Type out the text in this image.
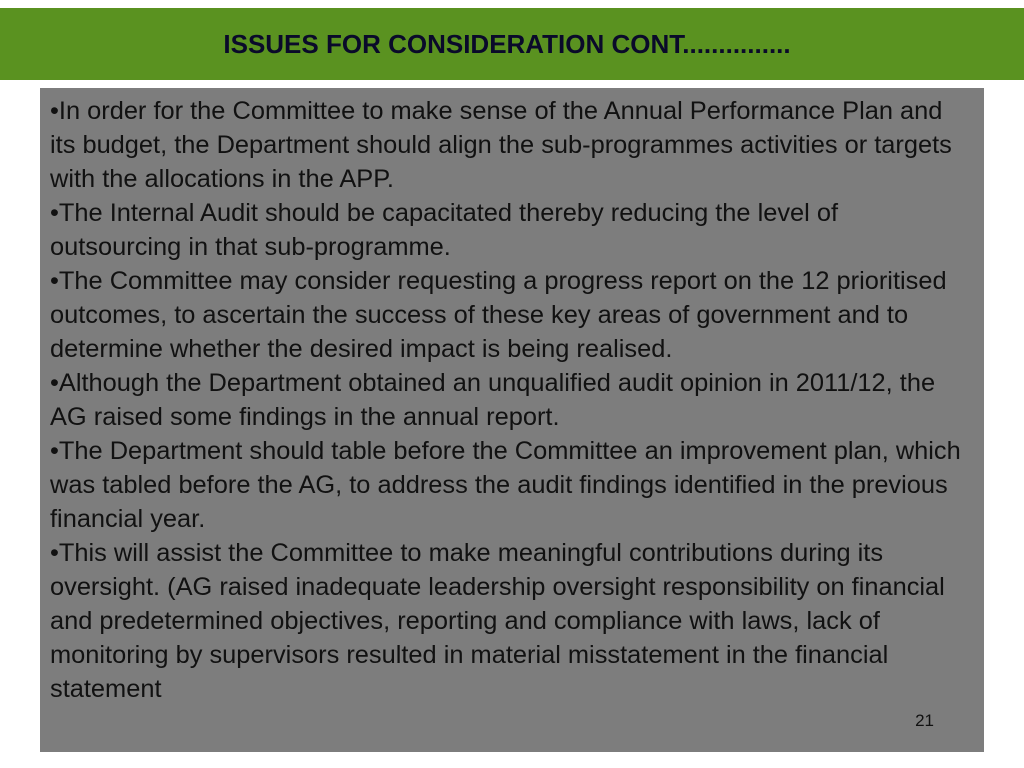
ISSUES FOR CONSIDERATION CONT...............
•In order for the Committee to make sense of the Annual Performance Plan and its budget, the Department should align the sub-programmes activities or targets with the allocations in the APP.
•The Internal Audit should be capacitated thereby reducing the level of outsourcing in that sub-programme.
•The Committee may consider requesting a progress report on the 12 prioritised outcomes, to ascertain the success of these key areas of government and to determine whether the desired impact is being realised.
•Although the Department obtained an unqualified audit opinion in 2011/12, the AG raised some findings in the annual report.
•The Department should table before the Committee an improvement plan, which was tabled before the AG, to address the audit findings identified in the previous financial year.
•This will assist the Committee to make meaningful contributions during its oversight. (AG raised inadequate leadership oversight responsibility on financial and predetermined objectives, reporting and compliance with laws, lack of monitoring by supervisors resulted in material misstatement in the financial statement
21
